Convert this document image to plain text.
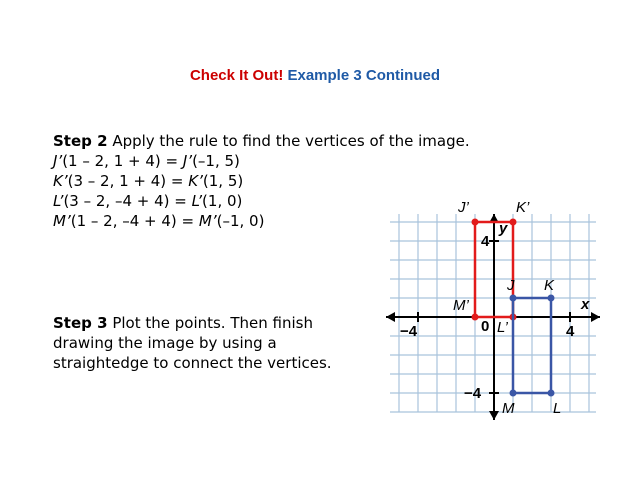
Check It Out! Example 3 Continued
Step 2 Apply the rule to find the vertices of the image.
J’(1 – 2, 1 + 4) = J’(–1, 5)
K’(3 – 2, 1 + 4) = K’(1, 5)
L’(3 – 2, –4 + 4) = L’(1, 0)
M’(1 – 2, –4 + 4) = M’(–1, 0)
Step 3 Plot the points. Then finish drawing the image by using a straightedge to connect the vertices.
x
y
−4	4
4
−4
0
J’	K’
M’
L’
J K
M	L
